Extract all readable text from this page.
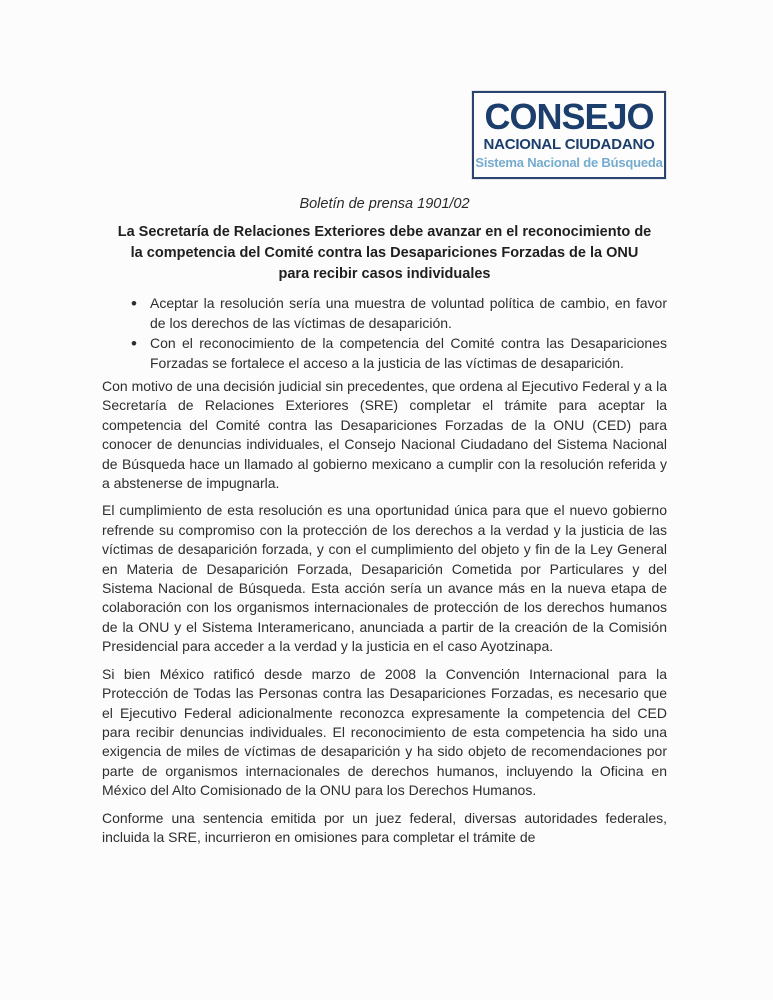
CONSEJO
NACIONAL CIUDADANO
Sistema Nacional de Búsqueda

Boletín de prensa 1901/02

La Secretaría de Relaciones Exteriores debe avanzar en el reconocimiento de
la competencia del Comité contra las Desapariciones Forzadas de la ONU
para recibir casos individuales
• Aceptar la resolución sería una muestra de voluntad política de cambio, en favor de los derechos de las víctimas de desaparición.
• Con el reconocimiento de la competencia del Comité contra las Desapariciones Forzadas se fortalece el acceso a la justicia de las víctimas de desaparición.

Con motivo de una decisión judicial sin precedentes, que ordena al Ejecutivo Federal y a la Secretaría de Relaciones Exteriores (SRE) completar el trámite para aceptar la competencia del Comité contra las Desapariciones Forzadas de la ONU (CED) para conocer de denuncias individuales, el Consejo Nacional Ciudadano del Sistema Nacional de Búsqueda hace un llamado al gobierno mexicano a cumplir con la resolución referida y a abstenerse de impugnarla.

El cumplimiento de esta resolución es una oportunidad única para que el nuevo gobierno refrende su compromiso con la protección de los derechos a la verdad y la justicia de las víctimas de desaparición forzada, y con el cumplimiento del objeto y fin de la Ley General en Materia de Desaparición Forzada, Desaparición Cometida por Particulares y del Sistema Nacional de Búsqueda. Esta acción sería un avance más en la nueva etapa de colaboración con los organismos internacionales de protección de los derechos humanos de la ONU y el Sistema Interamericano, anunciada a partir de la creación de la Comisión Presidencial para acceder a la verdad y la justicia en el caso Ayotzinapa.

Si bien México ratificó desde marzo de 2008 la Convención Internacional para la Protección de Todas las Personas contra las Desapariciones Forzadas, es necesario que el Ejecutivo Federal adicionalmente reconozca expresamente la competencia del CED para recibir denuncias individuales. El reconocimiento de esta competencia ha sido una exigencia de miles de víctimas de desaparición y ha sido objeto de recomendaciones por parte de organismos internacionales de derechos humanos, incluyendo la Oficina en México del Alto Comisionado de la ONU para los Derechos Humanos.

Conforme una sentencia emitida por un juez federal, diversas autoridades federales, incluida la SRE, incurrieron en omisiones para completar el trámite de
